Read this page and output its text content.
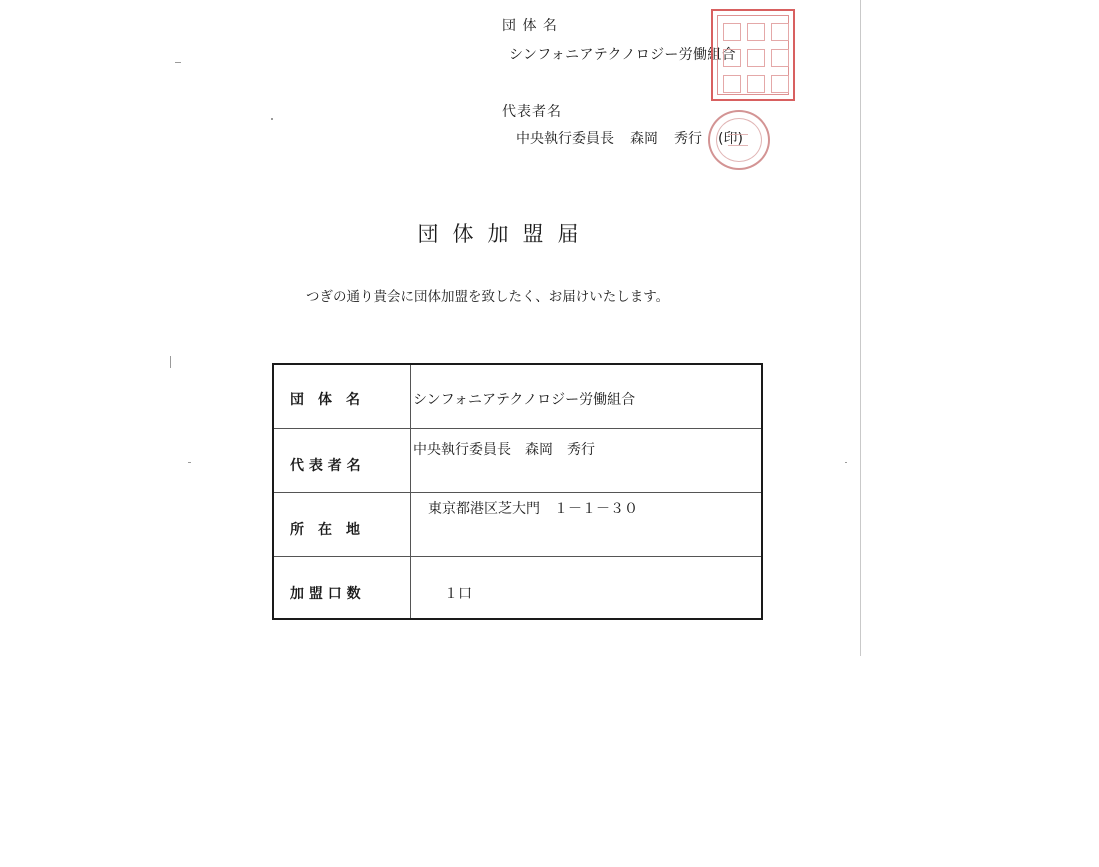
団 体 名
シンフォニアテクノロジー労働組合
代表者名
中央執行委員長 森岡 秀行 (印)
団体加盟届
つぎの通り貴会に団体加盟を致したく、お届けいたします。
団　体　名	シンフォニアテクノロジー労働組合
代 表 者 名
中央執行委員長　森岡　秀行
所　在　地
東京都港区芝大門　１－１－３０
加 盟 口 数	１口
